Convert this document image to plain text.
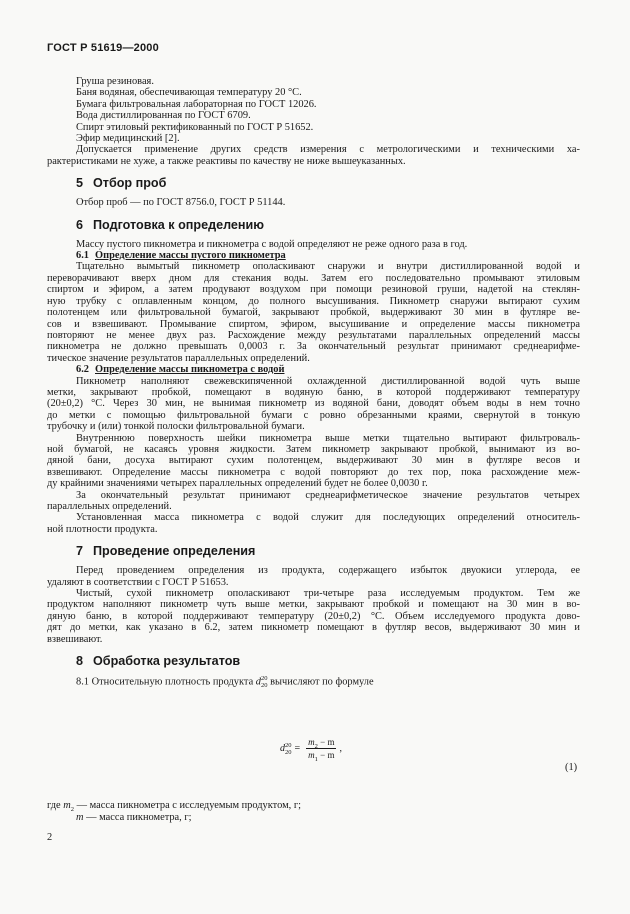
ГОСТ Р 51619—2000
Груша резиновая.
Баня водяная, обеспечивающая температуру 20 °С.
Бумага фильтровальная лабораторная по ГОСТ 12026.
Вода дистиллированная по ГОСТ 6709.
Спирт этиловый ректификованный по ГОСТ Р 51652.
Эфир медицинский [2].
Допускается применение других средств измерения с метрологическими и техническими ха-
рактеристиками не хуже, а также реактивы по качеству не ниже вышеуказанных.
5 Отбор проб
Отбор проб — по ГОСТ 8756.0, ГОСТ Р 51144.
6 Подготовка к определению
Массу пустого пикнометра и пикнометра с водой определяют не реже одного раза в год.
6.1 Определение массы пустого пикнометра
Тщательно вымытый пикнометр ополаскивают снаружи и внутри дистиллированной водой и
переворачивают вверх дном для стекания воды. Затем его последовательно промывают этиловым
спиртом и эфиром, а затем продувают воздухом при помощи резиновой груши, надетой на стеклян-
ную трубку с оплавленным концом, до полного высушивания. Пикнометр снаружи вытирают сухим
полотенцем или фильтровальной бумагой, закрывают пробкой, выдерживают 30 мин в футляре ве-
сов и взвешивают. Промывание спиртом, эфиром, высушивание и определение массы пикнометра
повторяют не менее двух раз. Расхождение между результатами параллельных определений массы
пикнометра не должно превышать 0,0003 г. За окончательный результат принимают среднеарифме-
тическое значение результатов параллельных определений.
6.2 Определение массы пикнометра с водой
Пикнометр наполняют свежевскипяченной охлажденной дистиллированной водой чуть выше
метки, закрывают пробкой, помещают в водяную баню, в которой поддерживают температуру
(20±0,2) °С. Через 30 мин, не вынимая пикнометр из водяной бани, доводят объем воды в нем точно
до метки с помощью фильтровальной бумаги с ровно обрезанными краями, свернутой в тонкую
трубочку и (или) тонкой полоски фильтровальной бумаги.
Внутреннюю поверхность шейки пикнометра выше метки тщательно вытирают фильтроваль-
ной бумагой, не касаясь уровня жидкости. Затем пикнометр закрывают пробкой, вынимают из во-
дяной бани, досуха вытирают сухим полотенцем, выдерживают 30 мин в футляре весов и
взвешивают. Определение массы пикнометра с водой повторяют до тех пор, пока расхождение меж-
ду крайними значениями четырех параллельных определений будет не более 0,0030 г.
За окончательный результат принимают среднеарифметическое значение результатов четырех
параллельных определений.
Установленная масса пикнометра с водой служит для последующих определений относитель-
ной плотности продукта.
7 Проведение определения
Перед проведением определения из продукта, содержащего избыток двуокиси углерода, ее
удаляют в соответствии с ГОСТ Р 51653.
Чистый, сухой пикнометр ополаскивают три-четыре раза исследуемым продуктом. Тем же
продуктом наполняют пикнометр чуть выше метки, закрывают пробкой и помещают на 30 мин в во-
дяную баню, в которой поддерживают температуру (20±0,2) °С. Объем исследуемого продукта дово-
дят до метки, как указано в 6.2, затем пикнометр помещают в футляр весов, выдерживают 30 мин и
взвешивают.
8 Обработка результатов
8.1 Относительную плотность продукта d 20
20 вычисляют по формуле
d 20
$20 = \frac{m_2 - m}{m_1 - m}$ ,
(1)
где $m_2$ — масса пикнометра с исследуемым продуктом, г;
m — масса пикнометра, г;
2
